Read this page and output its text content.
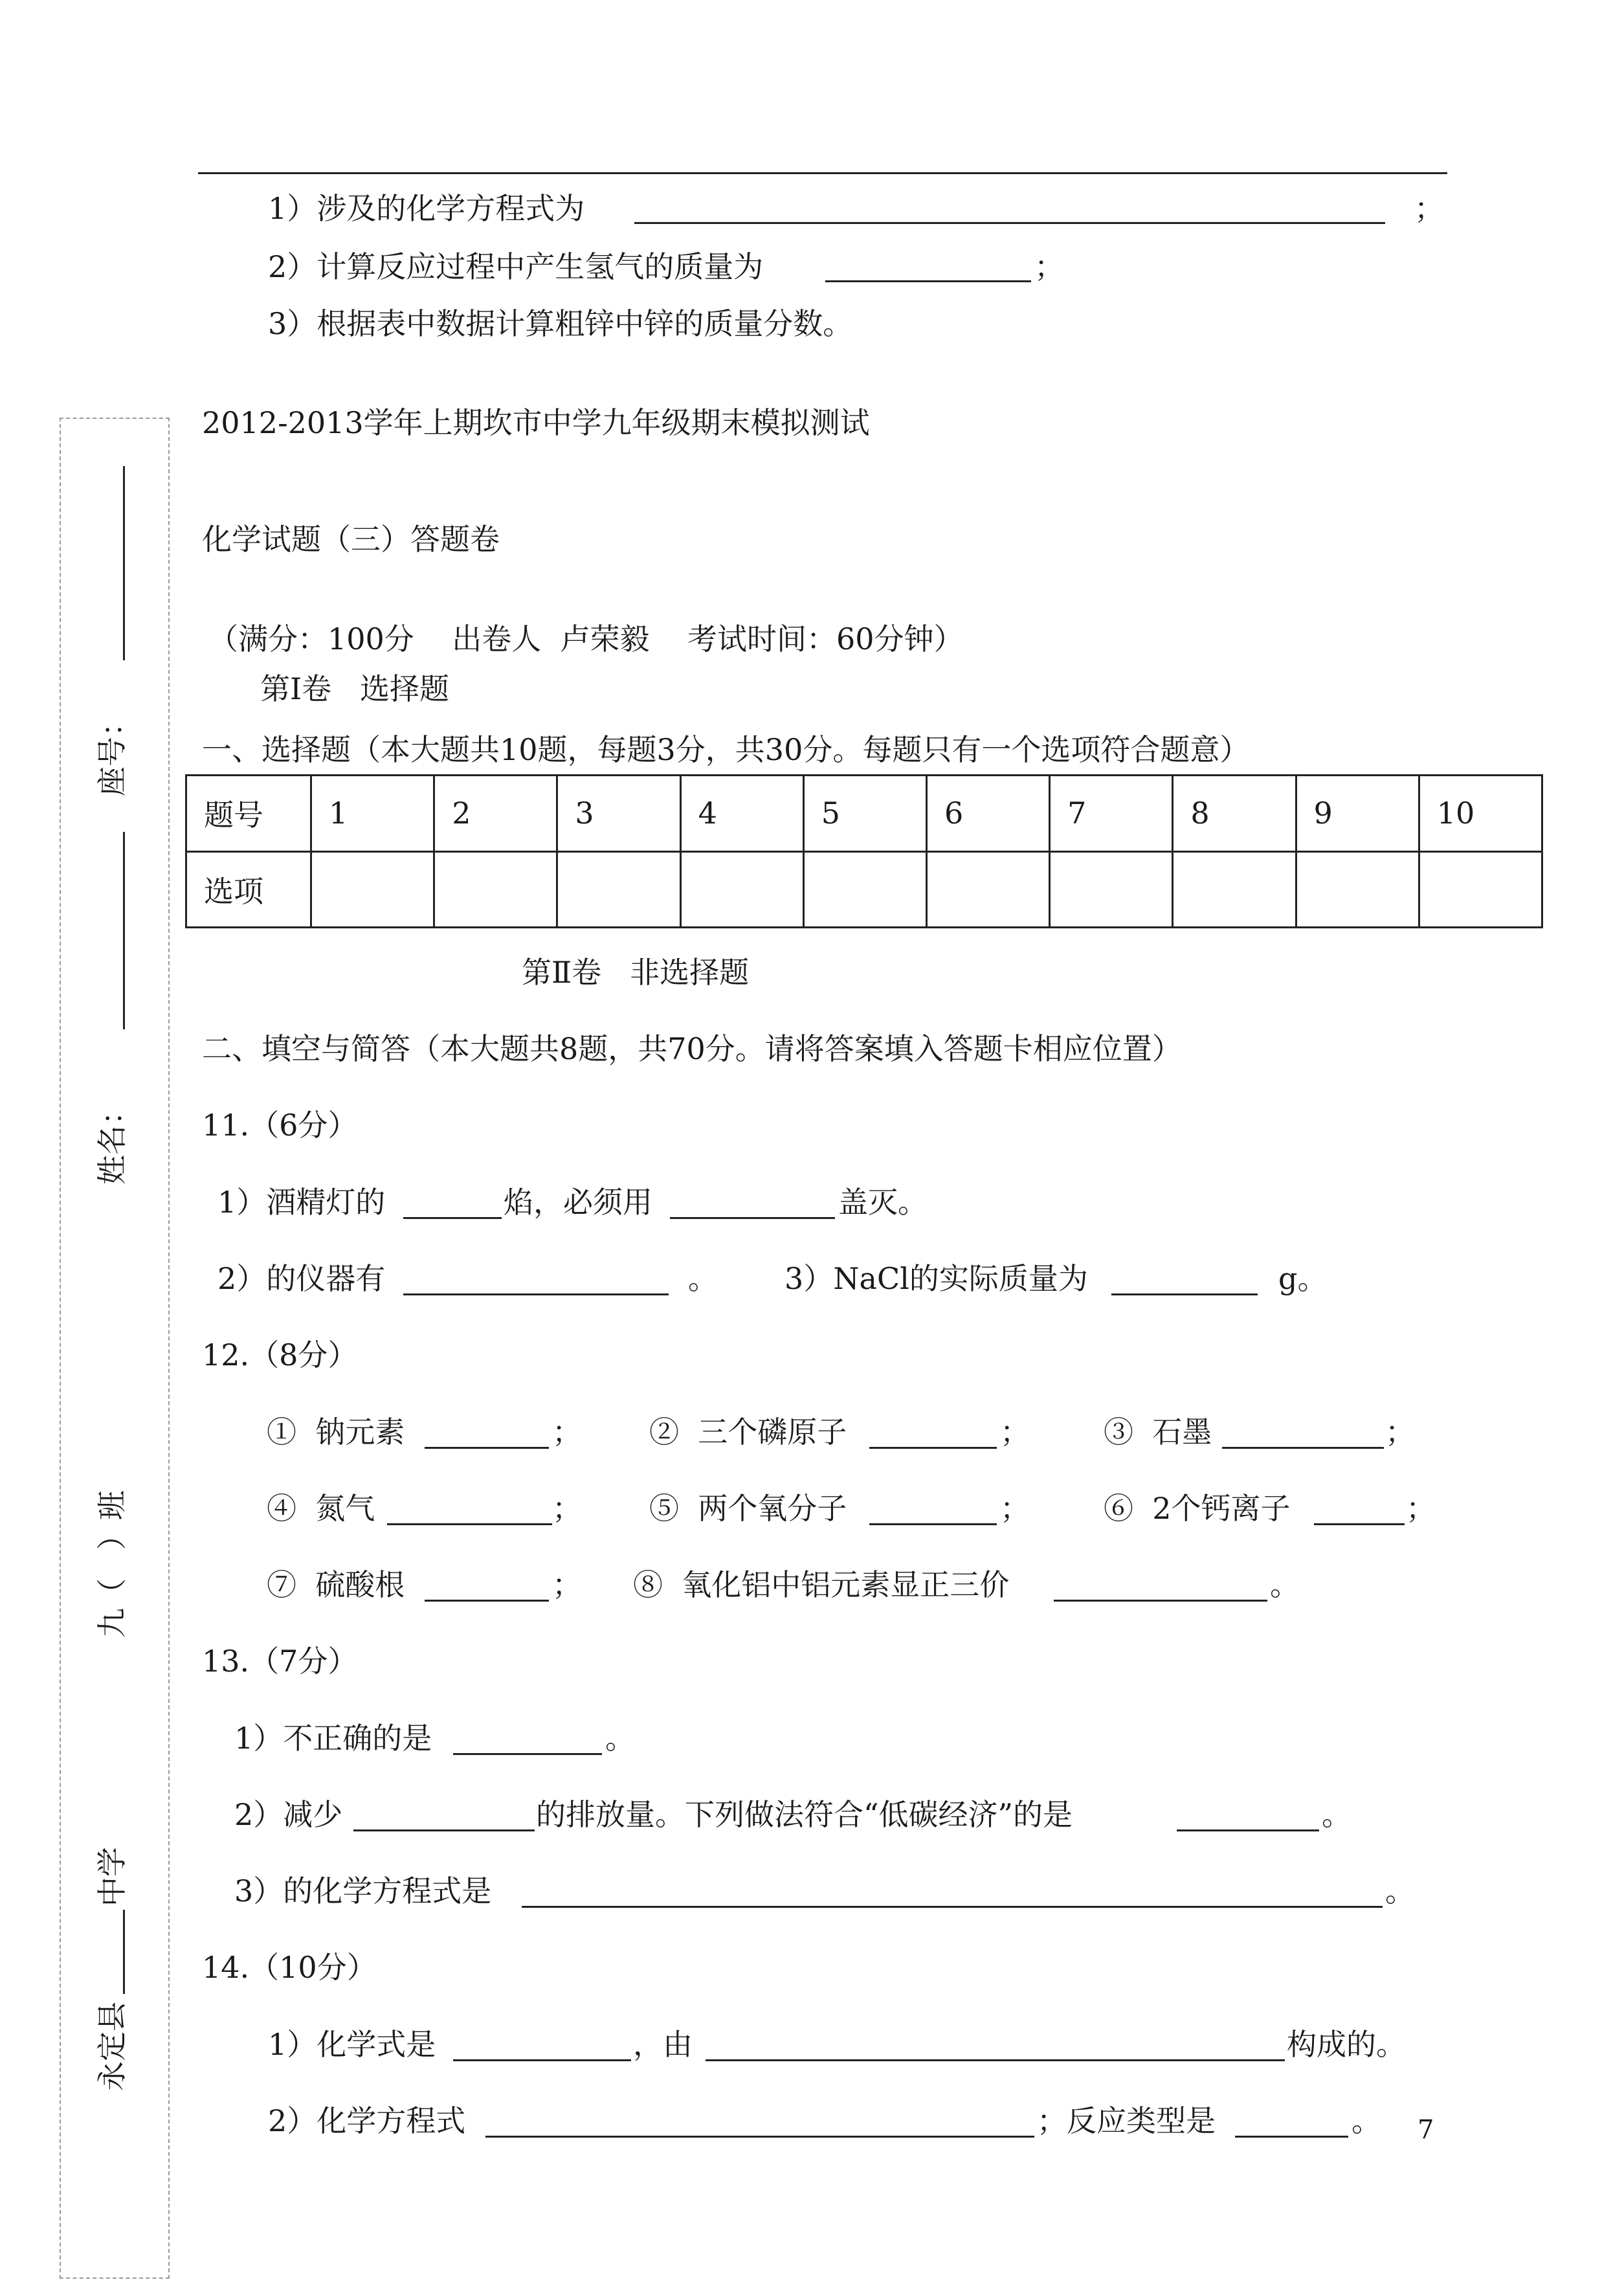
1）涉及的化学方程式为	；
2）计算反应过程中产生氢气的质量为	；
3）根据表中数据计算粗锌中锌的质量分数。
2012-2013学年上期坎市中学九年级期末模拟测试
化学试题（三）答题卷
（满分：100分    出卷人  卢荣毅    考试时间：60分钟）
第Ⅰ卷   选择题
一、选择题（本大题共10题，每题3分，共30分。每题只有一个选项符合题意）
题号	1	2	3	4	5	6	7	8	9	10
选项										
第Ⅱ卷   非选择题
二、填空与简答（本大题共8题，共70分。请将答案填入答题卡相应位置）
11.（6分）
1）酒精灯的	焰，必须用	盖灭。
2）的仪器有	。 3）NaCl的实际质量为	g。
12.（8分）
①  钠元素	； ②  三个磷原子	； ③  石墨	；
④  氮气	； ⑤  两个氧分子	； ⑥  2个钙离子	；
⑦  硫酸根	； ⑧  氧化铝中铝元素显正三价	。
13.（7分）
1）不正确的是	。
2）减少	的排放量。下列做法符合“低碳经济”的是	。
3）的化学方程式是	。
14.（10分）
1）化学式是	，由	构成的。
2）化学方程式	；反应类型是	。 7
座号：
姓名：
九（   ）班
中学
永定县
